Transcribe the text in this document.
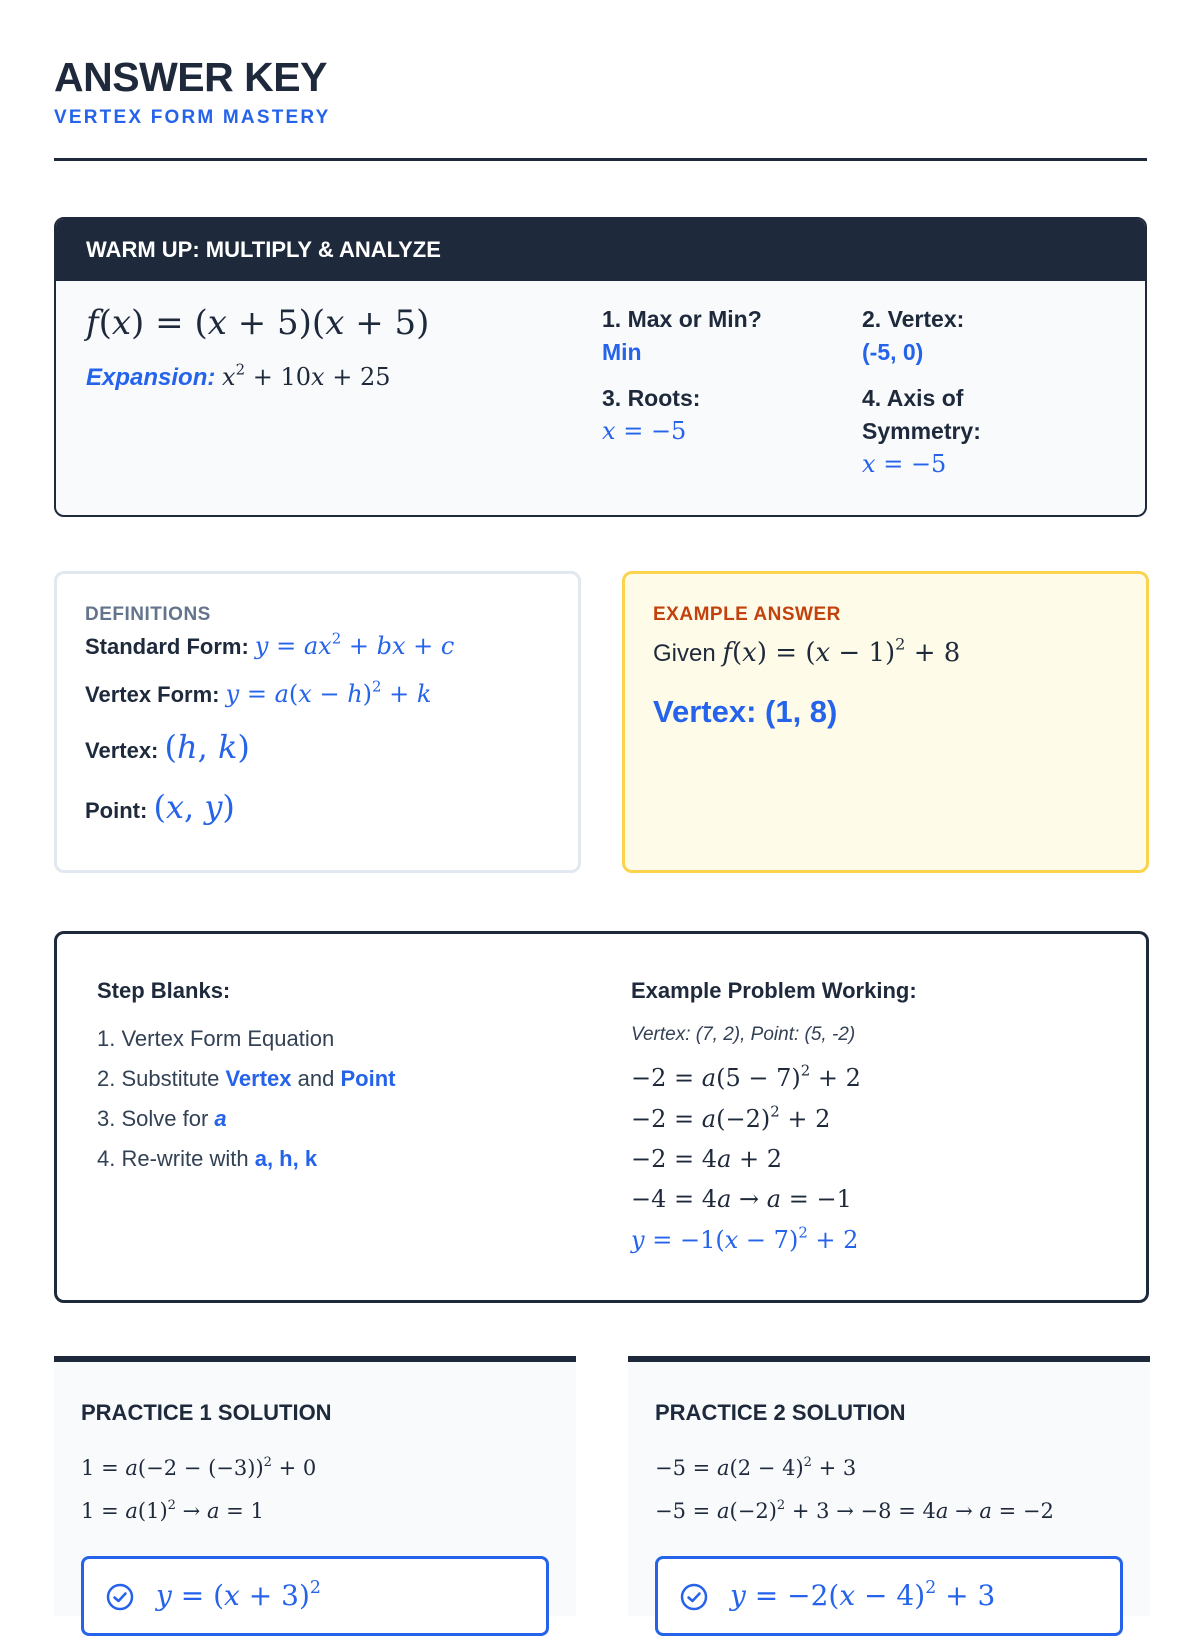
ANSWER KEY
VERTEX FORM MASTERY
WARM UP: MULTIPLY & ANALYZE
f(x) = (x + 5)(x + 5)
Expansion: $x^2 + 10x + 25$
1. Max or Min?
Min
2. Vertex:
(-5, 0)
3. Roots:
x = −5
4. Axis of Symmetry:
x = −5
DEFINITIONS
Standard Form: $y = ax^2$ + bx + c
Vertex Form: $y = a(x - h)^2 + k$
Vertex: (h, k)
Point: (x, y)
EXAMPLE ANSWER
Given $f(x) = (x - 1)^2 + 8$
Vertex: (1, 8)
Step Blanks:
1. Vertex Form Equation
2. Substitute Vertex and Point
3. Solve for a
4. Re-write with a, h, k
Example Problem Working:
Vertex: (7, 2), Point: (5, -2)
$-2 = a(5 - 7)^2 + 2$
$-2 = a(-2)^2 + 2$
−2 = 4a + 2
−4 = 4a → a = −1
$y = -1(x - 7)^2 + 2$
PRACTICE 1 SOLUTION
$1 = a(-2 - (-3))^2 + 0$
$1 = a(1)^2 \to a = 1$
$y = (x + 3)^2$
PRACTICE 2 SOLUTION
$-5 = a(2 - 4)^2 + 3$
$-5 = a(-2)^2 + 3 \to -8 = 4a \to a = -2$
$y = -2(x - 4)^2 + 3$
